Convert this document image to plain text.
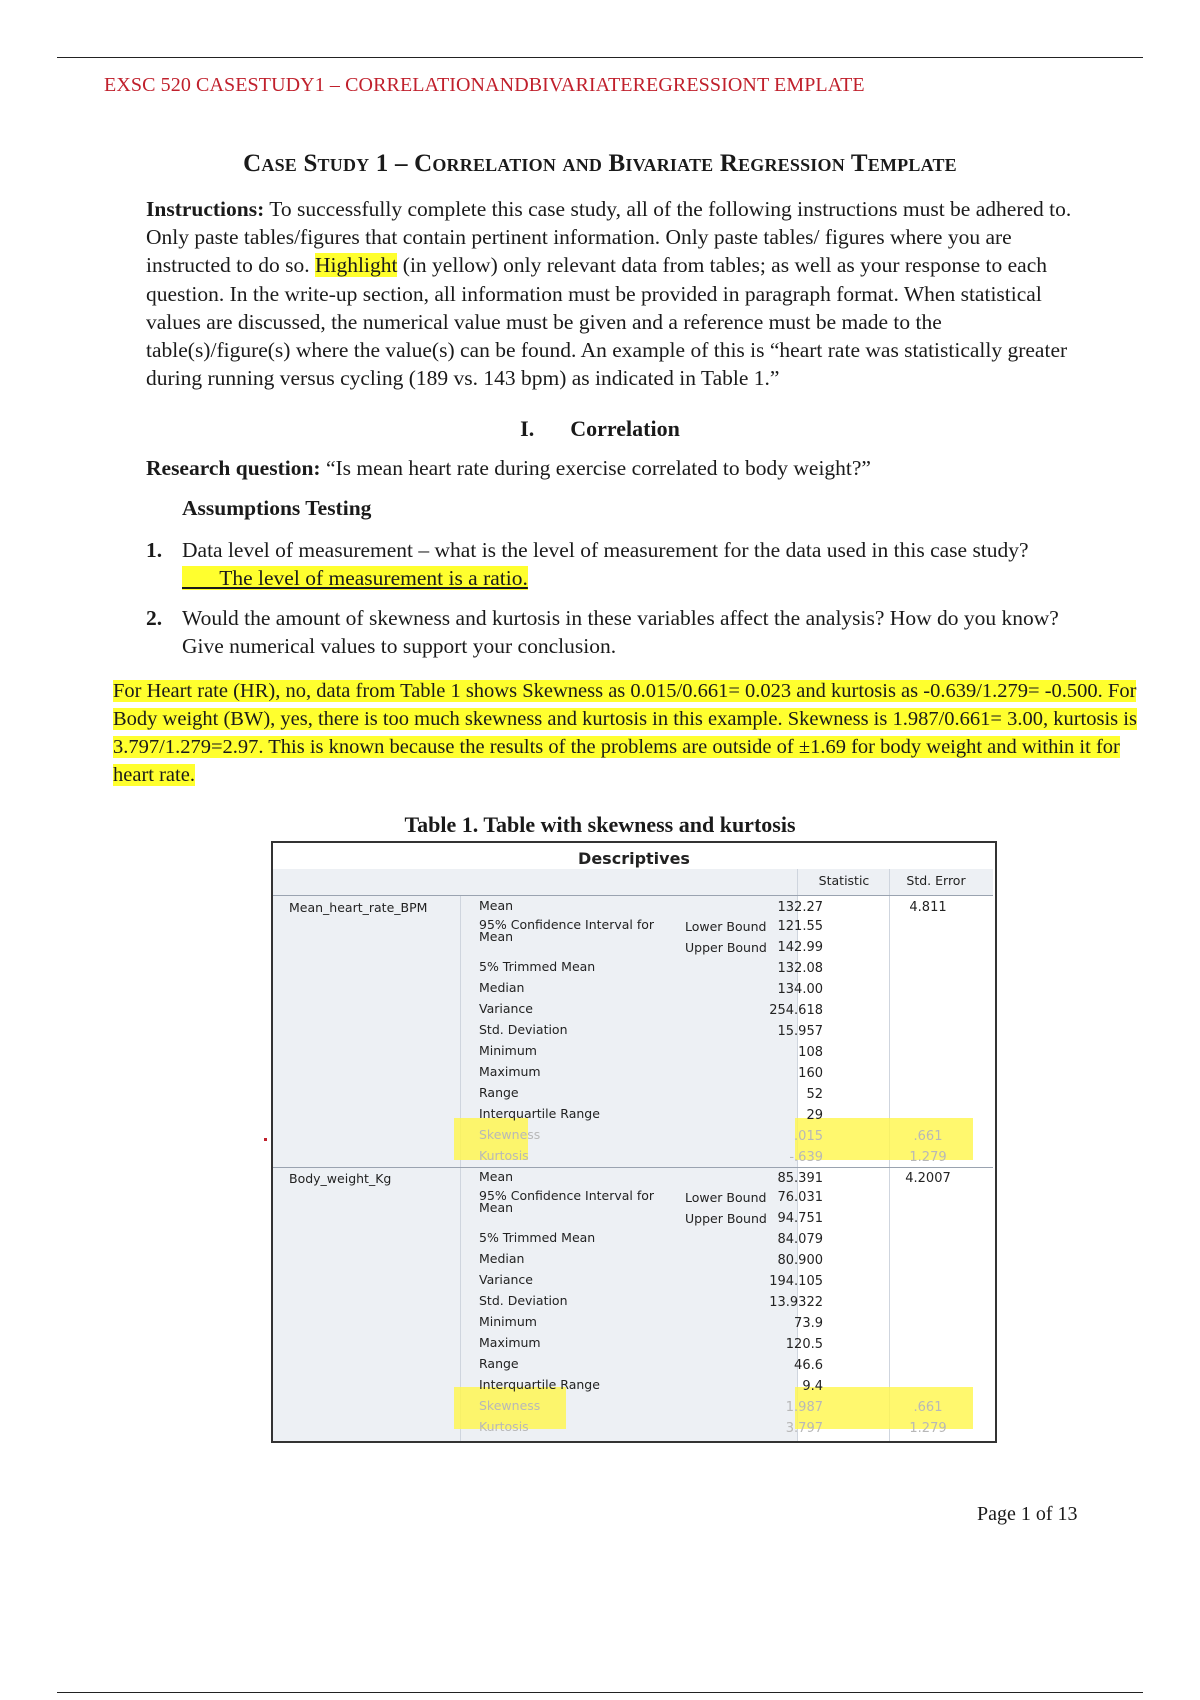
EXSC 520 CASESTUDY1 – CORRELATIONANDBIVARIATEREGRESSIONT EMPLATE
Case Study 1 – Correlation and Bivariate Regression Template
Instructions: To successfully complete this case study, all of the following instructions must be adhered to. Only paste tables/figures that contain pertinent information. Only paste tables/ figures where you are instructed to do so. Highlight (in yellow) only relevant data from tables; as well as your response to each question. In the write-up section, all information must be provided in paragraph format. When statistical values are discussed, the numerical value must be given and a reference must be made to the table(s)/figure(s) where the value(s) can be found. An example of this is “heart rate was statistically greater during running versus cycling (189 vs. 143 bpm) as indicated in Table 1.”
I. Correlation
Research question: “Is mean heart rate during exercise correlated to body weight?”
Assumptions Testing
1. Data level of measurement – what is the level of measurement for the data used in this case study?       The level of measurement is a ratio.
2. Would the amount of skewness and kurtosis in these variables affect the analysis? How do you know? Give numerical values to support your conclusion.
For Heart rate (HR), no, data from Table 1 shows Skewness as 0.015/0.661= 0.023 and kurtosis as -0.639/1.279= -0.500. For Body weight (BW), yes, there is too much skewness and kurtosis in this example. Skewness is 1.987/0.661= 3.00, kurtosis is 3.797/1.279=2.97. This is known because the results of the problems are outside of ±1.69 for body weight and within it for heart rate.
Table 1. Table with skewness and kurtosis
Descriptives
Statistic	Std. Error
Mean_heart_rate_BPM	Mean	132.27	4.811
95% Confidence Interval for Mean
Lower Bound 121.55
Upper Bound 142.99
5% Trimmed Mean	132.08
Median	134.00
Variance	254.618
Std. Deviation	15.957
Minimum	108
Maximum	160
Range	52
Interquartile Range	29
Skewness	.015	.661
Kurtosis	-.639	1.279
Body_weight_Kg	Mean	85.391	4.2007
95% Confidence Interval for Mean
Lower Bound 76.031
Upper Bound 94.751
5% Trimmed Mean	84.079
Median	80.900
Variance	194.105
Std. Deviation	13.9322
Minimum	73.9
Maximum	120.5
Range	46.6
Interquartile Range	9.4
Skewness	1.987	.661
Kurtosis	3.797	1.279
Page 1 of 13
